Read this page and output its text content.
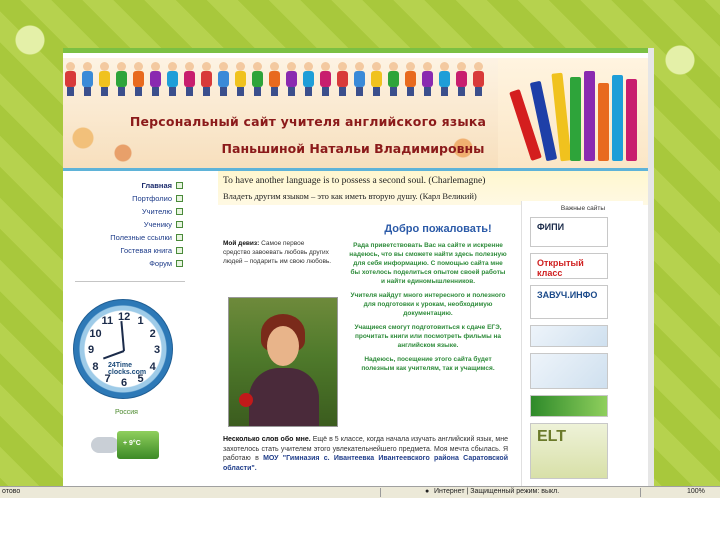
Персональный сайт учителя английского языка
Паньшиной Натальи Владимировны
Главная
Портфолио
Учителю
Ученику
Полезные ссылки
Гостевая книга
Форум
24Time
clocks.com
12 1
2
3
4
5
6
7
8
9
10
11
Россия
+ 9°C
To have another language is to possess a second soul. (Charlemagne)
Владеть другим языком – это как иметь вторую душу. (Карл Великий)
Мой девиз: Самое первое средство завоевать любовь других людей – подарить им свою любовь.
Добро пожаловать!

Рада приветствовать Вас на сайте и искренне надеюсь, что вы сможете найти здесь полезную для себя информацию. С помощью сайта мне бы хотелось поделиться опытом своей работы и найти единомышленников.

Учителя найдут много интересного и полезного для подготовки к урокам, необходимую документацию.

Учащиеся смогут подготовиться к сдаче ЕГЭ, прочитать книги или посмотреть фильмы на английском языке.

Надеюсь, посещение этого сайта будет полезным как учителям, так и учащимся.

Несколько слов обо мне. Ещё в 5 классе, когда начала изучать английский язык, мне захотелось стать учителем этого увлекательнейшего предмета. Моя мечта сбылась. Я работаю в МОУ "Гимназия с. Ивантеевка Ивантеевского района Саратовской области".
Важные сайты
ФИПИ
Открытый класс
ЗАВУЧ.ИНФО
ELT
отово	● Интернет | Защищенный режим: выкл.	100%
